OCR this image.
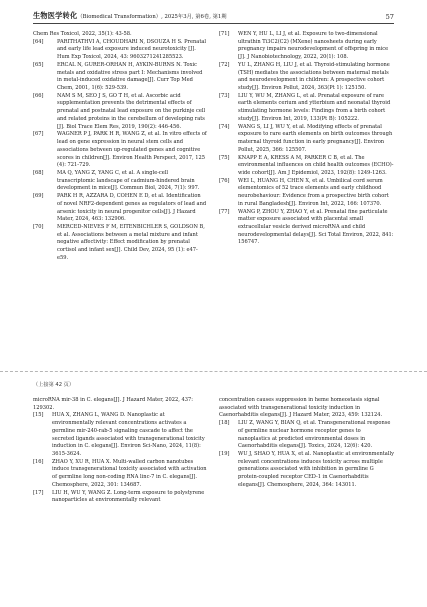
生物医学转化（Biomedical Transformation）, 2025年3月, 第6卷, 第1期	57
Chem Res Toxicol, 2022, 35(1): 43-58.
[64]	PARITHATHVI A, CHOUDHARI N, DSOUZA H S. Prenatal and early life lead exposure induced neurotoxicity [J]. Hum Exp Toxicol, 2024, 43: 9603271241285523.
[65]	ERCAL N, GURER-ORHAN H, AYKIN-BURNS N. Toxic metals and oxidative stress part I: Mechanisms involved in metal-induced oxidative damage[J]. Curr Top Med Chem, 2001, 1(6): 529-539.
[66]	NAM S M, SEO J S, GO T H, et al. Ascorbic acid supplementation prevents the detrimental effects of prenatal and postnatal lead exposure on the purkinje cell and related proteins in the cerebellum of developing rats [J]. Biol Trace Elem Res, 2019, 190(2): 446-456.
[67]	WAGNER P J, PARK H R, WANG Z, et al. In vitro effects of lead on gene expression in neural stem cells and associations between up-regulated genes and cognitive scores in children[J]. Environ Health Perspect, 2017, 125 (4): 721-729.
[68]	MA Q, YANG Z, YANG C, et al. A single-cell transcriptomic landscape of cadmium-hindered brain development in mice[J]. Commun Biol, 2024, 7(1): 997.
[69]	PARK H R, AZZARA D, COHEN E D, et al. Identification of novel NRF2-dependent genes as regulators of lead and arsenic toxicity in neural progenitor cells[J]. J Hazard Mater, 2024, 463: 132906.
[70]	MERCED-NIEVES F M, EITENBICHLER S, GOLDSON B, et al. Associations between a metal mixture and infant negative affectivity: Effect modification by prenatal cortisol and infant sex[J]. Child Dev, 2024, 95 (1): e47-e59.
[71]	WEN Y, HU L, LI J, et al. Exposure to two-dimensional ultrathin Ti3C2(C2) (MXene) nanosheets during early pregnancy impairs neurodevelopment of offspring in mice [J]. J Nanobiotechnology, 2022, 20(1): 108.
[72]	YU L, ZHANG H, LIU J, et al. Thyroid-stimulating hormone (TSH) mediates the associations between maternal metals and neurodevelopment in children: A prospective cohort study[J]. Environ Pollut, 2024, 363(Pt 1): 125150.
[73]	LIU Y, WU M, ZHANG L, et al. Prenatal exposure of rare earth elements cerium and ytterbium and neonatal thyroid stimulating hormone levels: Findings from a birth cohort study[J]. Environ Int, 2019, 133(Pt B): 105222.
[74]	WANG S, LI J, WU Y, et al. Modifying effects of prenatal exposure to rare earth elements on birth outcomes through maternal thyroid function in early pregnancy[J]. Environ Pollut, 2025, 366: 125507.
[75]	KNAPP E A, KRESS A M, PARKER C B, et al. The environmental influences on child health outcomes (ECHO)-wide cohort[J]. Am J Epidemiol, 2023, 192(8): 1249-1263.
[76]	WEI L, HUANG H, CHEN X, et al. Umbilical cord serum elementomics of 52 trace elements and early childhood neurobehaviour: Evidence from a prospective birth cohort in rural Bangladesh[J]. Environ Int, 2022, 166: 107370.
[77]	WANG P, ZHOU Y, ZHAO Y, et al. Prenatal fine particulate matter exposure associated with placental small extracellular vesicle derived microRNA and child neurodevelopmental delays[J]. Sci Total Environ, 2022, 841: 156747.
（上接第 42 页）
microRNA mir-38 in C. elegans[J]. J Hazard Mater, 2022, 437: 129302.
[15]	HUA X, ZHANG L, WANG D. Nanoplastic at environmentally relevant concentrations activates a germline mir-240-rab-5 signaling cascade to affect the secreted ligands associated with transgenerational toxicity induction in C. elegans[J]. Environ Sci-Nano, 2024, 11(8): 3615-3624.
[16]	ZHAO Y, XU R, HUA X. Multi-walled carbon nanotubes induce transgenerational toxicity associated with activation of germline long non-coding RNA linc-7 in C. elegans[J]. Chemosphere, 2022, 301: 134687.
[17]	LIU H, WU Y, WANG Z. Long-term exposure to polystyrene nanoparticles at environmentally relevant
concentration causes suppression in heme homeostasis signal associated with transgenerational toxicity induction in Caenorhabditis elegans[J]. J Hazard Mater, 2023, 459: 132124.
[18]	LIU Z, WANG Y, BIAN Q, et al. Transgenerational response of germline nuclear hormone receptor genes to nanoplastics at predicted environmental doses in Caenorhabditis elegans[J]. Toxics, 2024, 12(6): 420.
[19]	WU J, SHAO Y, HUA X, et al. Nanoplastic at environmentally relevant concentrations induces toxicity across multiple generations associated with inhibition in germline G protein-coupled receptor CED-1 in Caenorhabditis elegans[J]. Chemosphere, 2024, 364: 143011.
